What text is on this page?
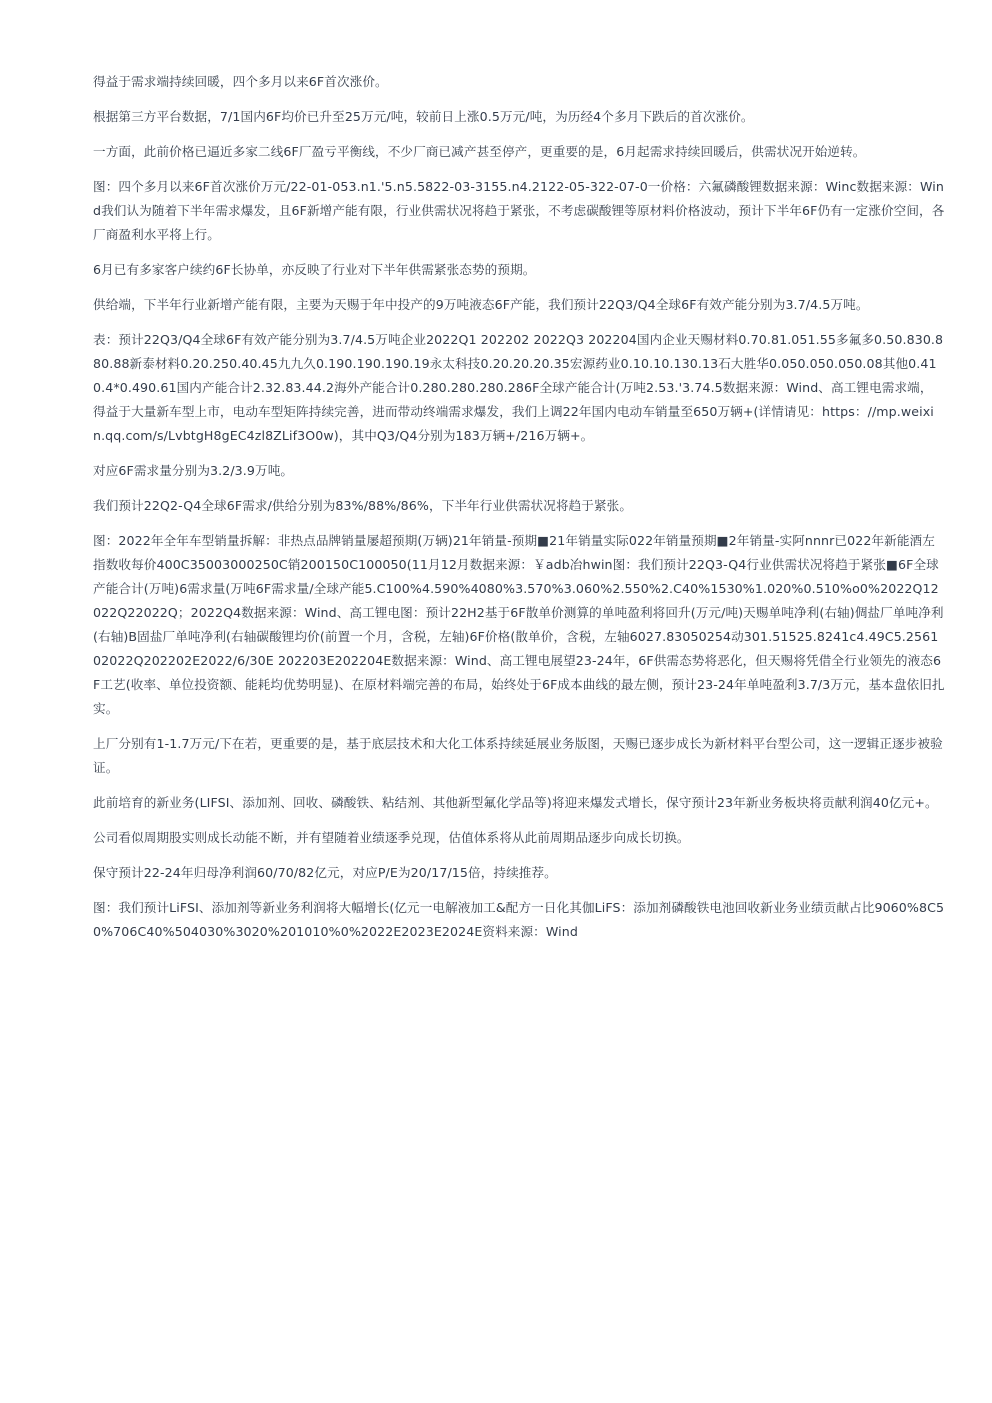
得益于需求端持续回暖，四个多月以来6F首次涨价。

根据第三方平台数据，7/1国内6F均价已升至25万元/吨，较前日上涨0.5万元/吨，为历经4个多月下跌后的首次涨价。

一方面，此前价格已逼近多家二线6F厂盈亏平衡线，不少厂商已减产甚至停产，更重要的是，6月起需求持续回暖后，供需状况开始逆转。

图：四个多月以来6F首次涨价万元/22-01-053.n1.'5.n5.5822-03-3155.n4.2122-05-322-07-0一价格：六氟磷酸锂数据来源：Winc数据来源：Wind我们认为随着下半年需求爆发，且6F新增产能有限，行业供需状况将趋于紧张，不考虑碳酸锂等原材料价格波动，预计下半年6F仍有一定涨价空间，各厂商盈利水平将上行。

6月已有多家客户续约6F长协单，亦反映了行业对下半年供需紧张态势的预期。

供给端，下半年行业新增产能有限，主要为天赐于年中投产的9万吨液态6F产能，我们预计22Q3/Q4全球6F有效产能分别为3.7/4.5万吨。

表：预计22Q3/Q4全球6F有效产能分别为3.7/4.5万吨企业2022Q1 202202 2022Q3 202204国内企业天赐材料0.70.81.051.55多氟多0.50.830.880.88新泰材料0.20.250.40.45九九久0.190.190.190.19永太科技0.20.20.20.35宏源药业0.10.10.130.13石大胜华0.050.050.050.08其他0.410.4*0.490.61国内产能合计2.32.83.44.2海外产能合计0.280.280.280.286F全球产能合计(万吨2.53.'3.74.5数据来源：Wind、高工锂电需求端，得益于大量新车型上市，电动车型矩阵持续完善，进而带动终端需求爆发，我们上调22年国内电动车销量至650万辆+(详情请见：https：//mp.weixin.qq.com/s/LvbtgH8gEC4zl8ZLif3O0w)，其中Q3/Q4分别为183万辆+/216万辆+。

对应6F需求量分别为3.2/3.9万吨。

我们预计22Q2-Q4全球6F需求/供给分别为83%/88%/86%，下半年行业供需状况将趋于紧张。

图：2022年全年车型销量拆解：非热点品牌销量屡超预期(万辆)21年销量-预期■21年销量实际022年销量预期■2年销量-实阿nnnr已022年新能酒左指数收每价400C35003000250C销200150C100050(11月12月数据来源：￥adb冶hwin图：我们预计22Q3-Q4行业供需状况将趋于紧张■6F全球产能合计(万吨)6需求量(万吨6F需求量/全球产能5.C100%4.590%4080%3.570%3.060%2.550%2.C40%1530%1.020%0.510%o0%2022Q12022Q22022Q；2022Q4数据来源：Wind、高工锂电图：预计22H2基于6F散单价测算的单吨盈利将回升(万元/吨)天赐单吨净利(右轴)倜盐厂单吨净利(右轴)B固盐厂单吨净利(右轴碳酸锂均价(前置一个月，含税，左轴)6F价格(散单价，含税，左轴6027.83050254动301.51525.8241c4.49C5.256102022Q202202E2022/6/30E 202203E202204E数据来源：Wind、高工锂电展望23-24年，6F供需态势将恶化，但天赐将凭借全行业领先的液态6F工艺(收率、单位投资额、能耗均优势明显)、在原材料端完善的布局，始终处于6F成本曲线的最左侧，预计23-24年单吨盈利3.7/3万元，基本盘依旧扎实。

上厂分别有1-1.7万元/下在若，更重要的是，基于底层技术和大化工体系持续延展业务版图，天赐已逐步成长为新材料平台型公司，这一逻辑正逐步被验证。

此前培育的新业务(LIFSI、添加剂、回收、磷酸铁、粘结剂、其他新型氟化学品等)将迎来爆发式增长，保守预计23年新业务板块将贡献利润40亿元+。

公司看似周期股实则成长动能不断，并有望随着业绩逐季兑现，估值体系将从此前周期品逐步向成长切换。

保守预计22-24年归母净利润60/70/82亿元，对应P/E为20/17/15倍，持续推荐。

图：我们预计LiFSI、添加剂等新业务利润将大幅增长(亿元一电解液加工&配方一日化其伽LiFS：添加剂磷酸铁电池回收新业务业绩贡献占比9060%8C50%706C40%504030%3020%201010%0%2022E2023E2024E资料来源：Wind
